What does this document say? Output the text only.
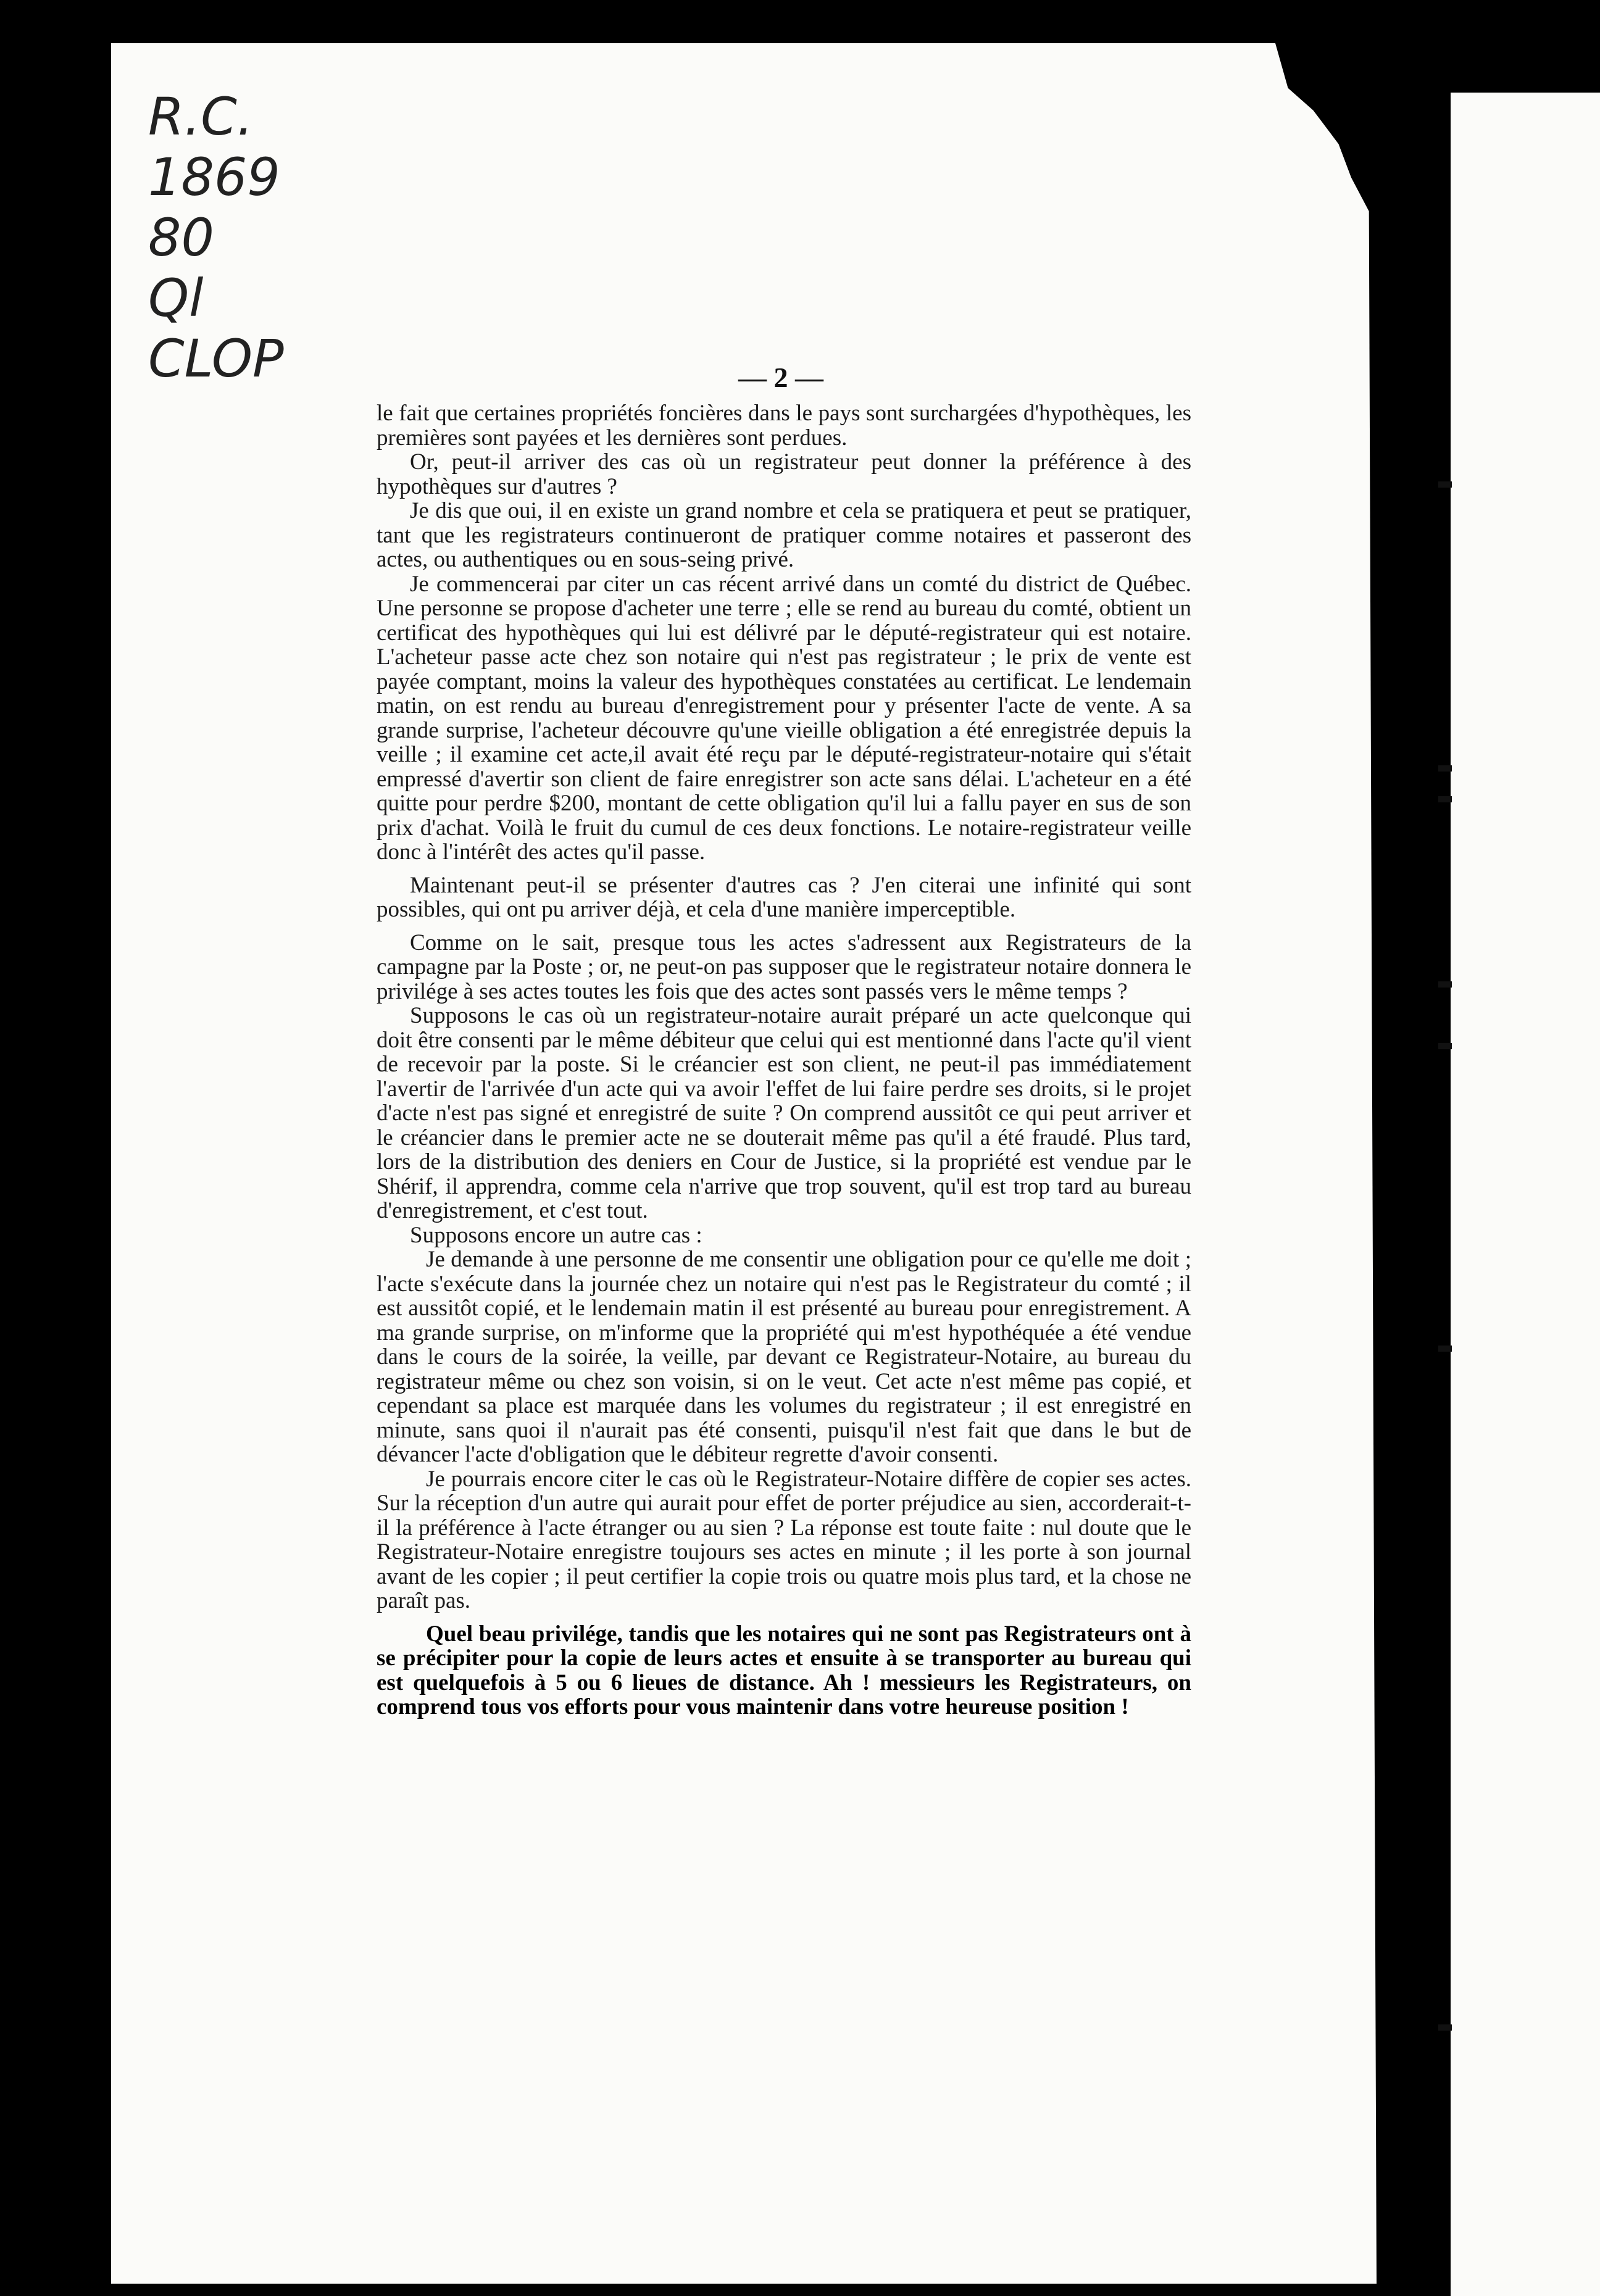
R.C.
1869
80
Ql
CLOP	— 2 —

le fait que certaines propriétés foncières dans le pays sont surchargées d'hypothèques, les premières sont payées et les dernières sont perdues.

Or, peut-il arriver des cas où un registrateur peut donner la préférence à des hypothèques sur d'autres ?

Je dis que oui, il en existe un grand nombre et cela se pratiquera et peut se pratiquer, tant que les registrateurs continueront de pratiquer comme notaires et passeront des actes, ou authentiques ou en sous-seing privé.

Je commencerai par citer un cas récent arrivé dans un comté du district de Québec. Une personne se propose d'acheter une terre ; elle se rend au bureau du comté, obtient un certificat des hypothèques qui lui est délivré par le député-registrateur qui est notaire. L'acheteur passe acte chez son notaire qui n'est pas registrateur ; le prix de vente est payée comptant, moins la valeur des hypothèques constatées au certificat. Le lendemain matin, on est rendu au bureau d'enregistrement pour y présenter l'acte de vente. A sa grande surprise, l'acheteur découvre qu'une vieille obligation a été enregistrée depuis la veille ; il examine cet acte,il avait été reçu par le député-registrateur-notaire qui s'était empressé d'avertir son client de faire enregistrer son acte sans délai. L'acheteur en a été quitte pour perdre $200, montant de cette obligation qu'il lui a fallu payer en sus de son prix d'achat. Voilà le fruit du cumul de ces deux fonctions. Le notaire-registrateur veille donc à l'intérêt des actes qu'il passe.

Maintenant peut-il se présenter d'autres cas ? J'en citerai une infinité qui sont possibles, qui ont pu arriver déjà, et cela d'une manière imperceptible.

Comme on le sait, presque tous les actes s'adressent aux Registrateurs de la campagne par la Poste ; or, ne peut-on pas supposer que le registrateur notaire donnera le privilége à ses actes toutes les fois que des actes sont passés vers le même temps ?

Supposons le cas où un registrateur-notaire aurait préparé un acte quelconque qui doit être consenti par le même débiteur que celui qui est mentionné dans l'acte qu'il vient de recevoir par la poste. Si le créancier est son client, ne peut-il pas immédiatement l'avertir de l'arrivée d'un acte qui va avoir l'effet de lui faire perdre ses droits, si le projet d'acte n'est pas signé et enregistré de suite ? On comprend aussitôt ce qui peut arriver et le créancier dans le premier acte ne se douterait même pas qu'il a été fraudé. Plus tard, lors de la distribution des deniers en Cour de Justice, si la propriété est vendue par le Shérif, il apprendra, comme cela n'arrive que trop souvent, qu'il est trop tard au bureau d'enregistrement, et c'est tout.

Supposons encore un autre cas :

Je demande à une personne de me consentir une obligation pour ce qu'elle me doit ; l'acte s'exécute dans la journée chez un notaire qui n'est pas le Registrateur du comté ; il est aussitôt copié, et le lendemain matin il est présenté au bureau pour enregistrement. A ma grande surprise, on m'informe que la propriété qui m'est hypothéquée a été vendue dans le cours de la soirée, la veille, par devant ce Registrateur-Notaire, au bureau du registrateur même ou chez son voisin, si on le veut. Cet acte n'est même pas copié, et cependant sa place est marquée dans les volumes du registrateur ; il est enregistré en minute, sans quoi il n'aurait pas été consenti, puisqu'il n'est fait que dans le but de dévancer l'acte d'obligation que le débiteur regrette d'avoir consenti.

Je pourrais encore citer le cas où le Registrateur-Notaire diffère de copier ses actes. Sur la réception d'un autre qui aurait pour effet de porter préjudice au sien, accorderait-t-il la préférence à l'acte étranger ou au sien ? La réponse est toute faite : nul doute que le Registrateur-Notaire enregistre toujours ses actes en minute ; il les porte à son journal avant de les copier ; il peut certifier la copie trois ou quatre mois plus tard, et la chose ne paraît pas.

Quel beau privilége, tandis que les notaires qui ne sont pas Registrateurs ont à se précipiter pour la copie de leurs actes et ensuite à se transporter au bureau qui est quelquefois à 5 ou 6 lieues de distance. Ah ! messieurs les Registrateurs, on comprend tous vos efforts pour vous maintenir dans votre heureuse position !
